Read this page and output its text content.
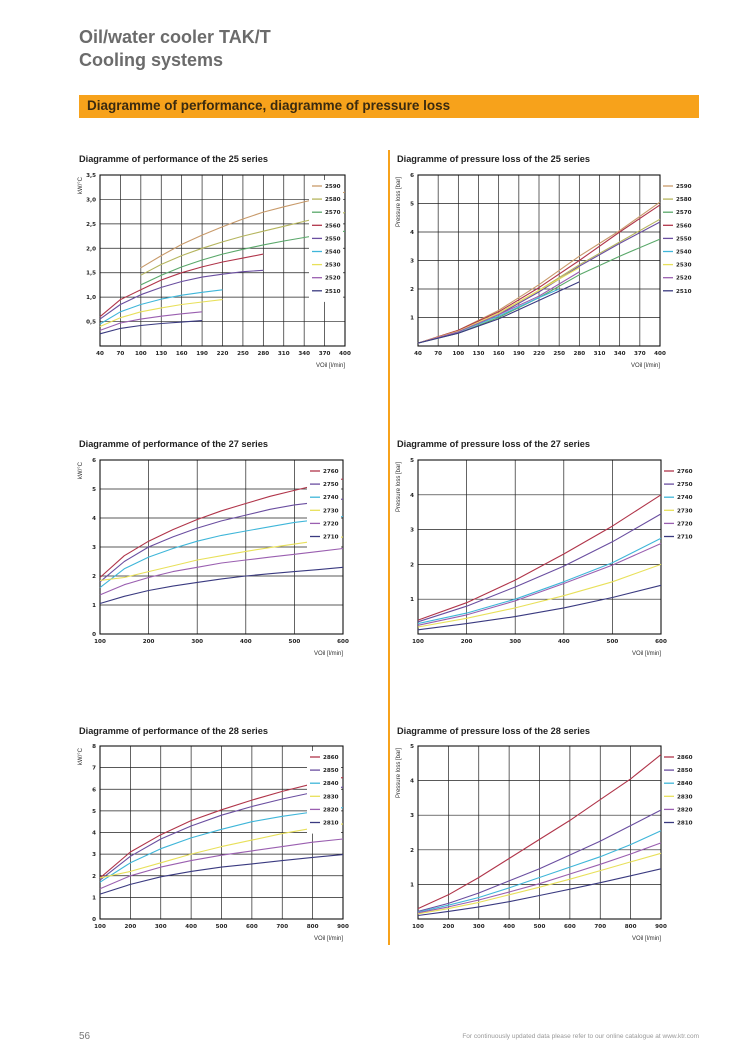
Oil/water cooler TAK/T
Cooling systems
Diagramme of performance, diagramme of pressure loss
Diagramme of performance of the 25 series	Diagramme of pressure loss of the 25 series
Diagramme of performance of the 27 series	Diagramme of pressure loss of the 27 series
Diagramme of performance of the 28 series	Diagramme of pressure loss of the 28 series
40 70 100 130 160 190 220 250 280 310 340 370 400
0,5
1,0
1,5
2,0
2,5
3,0
3,5
kW/°C
VOil [l/min]
2590
2580
2570
2560
2550
2540
2530
2520
2510
40 70 100 130 160 190 220 250 280 310 340 370 400
1
2
3
4
5
6
Pressure loss [bar]
VOil [l/min]
2590
2580
2570
2560
2550
2540
2530
2520
2510
100	200	300	400	500	600
0
1
2
3
4
5
6
kW/°C
VOil [l/min]
2760
2750
2740
2730
2720
2710
100	200	300	400	500	600
1
2
3
4
5
Pressure loss [bar]
VOil [l/min]
2760
2750
2740
2730
2720
2710
100	200	300	400	500	600	700	800	900
0
1
2
3
4
5
6
7
8
kW/°C
VOil [l/min]
2860
2850
2840
2830
2820
2810
100	200	300	400	500	600	700	800	900
1
2
3
4
5
Pressure loss [bar]
VOil [l/min]
2860
2850
2840
2830
2820
2810
56	For continuously updated data please refer to our online catalogue at www.ktr.com
